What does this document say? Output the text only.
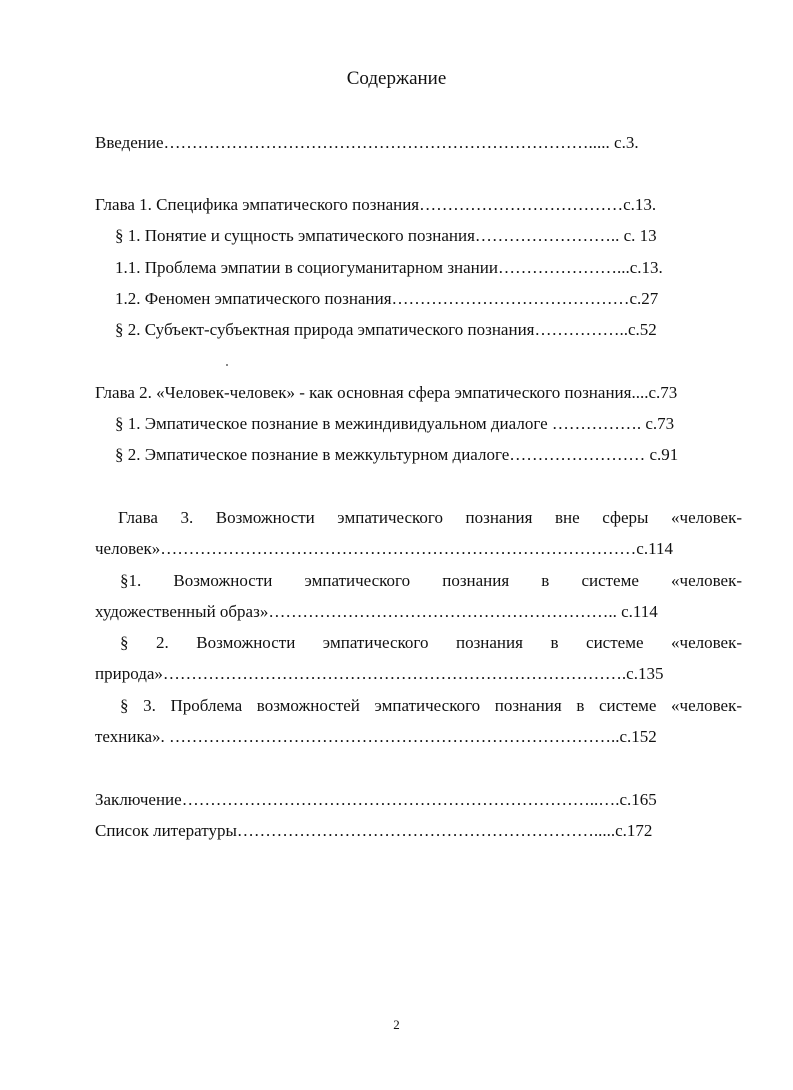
Содержание
Введение…………………………………………………………………..... с.3.
Глава 1. Специфика эмпатического познания………………………………с.13.
§ 1. Понятие и сущность эмпатического познания…………………….. с. 13
1.1. Проблема эмпатии в социогуманитарном знании…………………...с.13.
1.2. Феномен эмпатического познания……………………………………с.27
§ 2. Субъект-субъектная природа эмпатического познания……………..с.52
Глава 2. «Человек-человек» - как основная сфера эмпатического познания....с.73
§ 1. Эмпатическое познание в межиндивидуальном диалоге ……………. с.73
§ 2. Эмпатическое познание в межкультурном диалоге…………………… с.91
Глава 3. Возможности эмпатического познания вне сферы «человек-
человек»…………………………………………………………………………с.114
§1. Возможности эмпатического познания в системе «человек-
художественный образ»…………………………………………………….. с.114
§ 2. Возможности эмпатического познания в системе «человек-
природа»……………………………………………………………………….с.135
§ 3. Проблема возможностей эмпатического познания в системе «человек-
техника». ……………………………………………………………………..с.152
Заключение………………………………………………………………..….с.165
Список литературы……………………………………………………….....с.172
2
